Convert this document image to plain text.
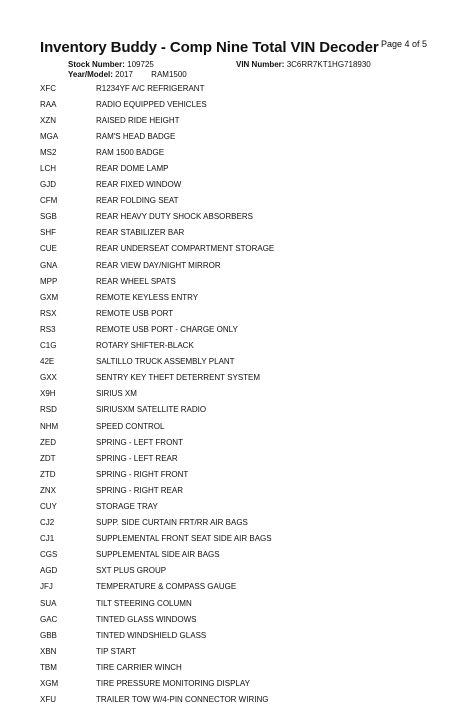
Inventory Buddy - Comp Nine Total VIN Decoder Page 4 of 5
Stock Number: 109725	VIN Number: 3C6RR7KT1HG718930
Year/Model: 2017 RAM1500
XFC	R1234YF A/C REFRIGERANT
RAA	RADIO EQUIPPED VEHICLES
XZN	RAISED RIDE HEIGHT
MGA	RAM'S HEAD BADGE
MS2	RAM 1500 BADGE
LCH	REAR DOME LAMP
GJD	REAR FIXED WINDOW
CFM	REAR FOLDING SEAT
SGB	REAR HEAVY DUTY SHOCK ABSORBERS
SHF	REAR STABILIZER BAR
CUE	REAR UNDERSEAT COMPARTMENT STORAGE
GNA	REAR VIEW DAY/NIGHT MIRROR
MPP	REAR WHEEL SPATS
GXM	REMOTE KEYLESS ENTRY
RSX	REMOTE USB PORT
RS3	REMOTE USB PORT - CHARGE ONLY
C1G	ROTARY SHIFTER-BLACK
42E	SALTILLO TRUCK ASSEMBLY PLANT
GXX	SENTRY KEY THEFT DETERRENT SYSTEM
X9H	SIRIUS XM
RSD	SIRIUSXM SATELLITE RADIO
NHM	SPEED CONTROL
ZED	SPRING - LEFT FRONT
ZDT	SPRING - LEFT REAR
ZTD	SPRING - RIGHT FRONT
ZNX	SPRING - RIGHT REAR
CUY	STORAGE TRAY
CJ2	SUPP. SIDE CURTAIN FRT/RR AIR BAGS
CJ1	SUPPLEMENTAL FRONT SEAT SIDE AIR BAGS
CGS	SUPPLEMENTAL SIDE AIR BAGS
AGD	SXT PLUS GROUP
JFJ	TEMPERATURE & COMPASS GAUGE
SUA	TILT STEERING COLUMN
GAC	TINTED GLASS WINDOWS
GBB	TINTED WINDSHIELD GLASS
XBN	TIP START
TBM	TIRE CARRIER WINCH
XGM	TIRE PRESSURE MONITORING DISPLAY
XFU	TRAILER TOW W/4-PIN CONNECTOR WIRING
